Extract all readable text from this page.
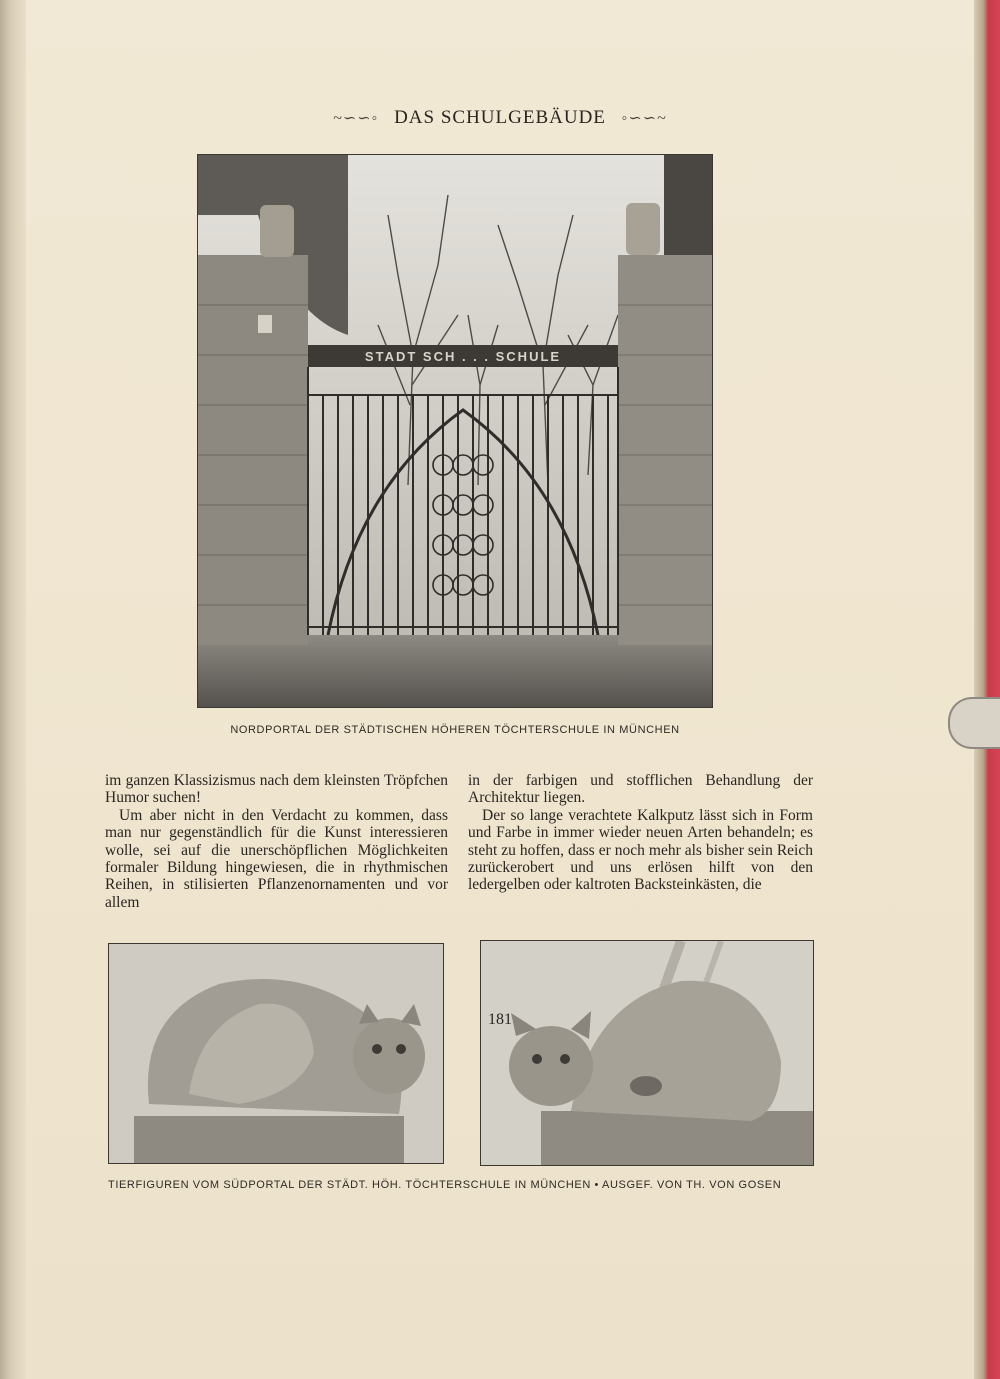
~∽∽◦ DAS SCHULGEBÄUDE ◦∽∽~
STADT SCH . . . SCHULE
NORDPORTAL DER STÄDTISCHEN HÖHEREN TÖCHTERSCHULE IN MÜNCHEN

im ganzen Klassizismus nach dem kleinsten Tröpfchen Humor suchen!

Um aber nicht in den Verdacht zu kommen, dass man nur gegenständlich für die Kunst interessieren wolle, sei auf die unerschöpflichen Möglichkeiten formaler Bildung hingewiesen, die in rhythmischen Reihen, in stilisierten Pflanzenornamenten und vor allem

in der farbigen und stofflichen Behandlung der Architektur liegen.

Der so lange verachtete Kalkputz lässt sich in Form und Farbe in immer wieder neuen Arten behandeln; es steht zu hoffen, dass er noch mehr als bisher sein Reich zurückerobert und uns erlösen hilft von den ledergelben oder kaltroten Backsteinkästen, die

TIERFIGUREN VOM SÜDPORTAL DER STÄDT. HÖH. TÖCHTERSCHULE IN MÜNCHEN • AUSGEF. VON TH. VON GOSEN
181
